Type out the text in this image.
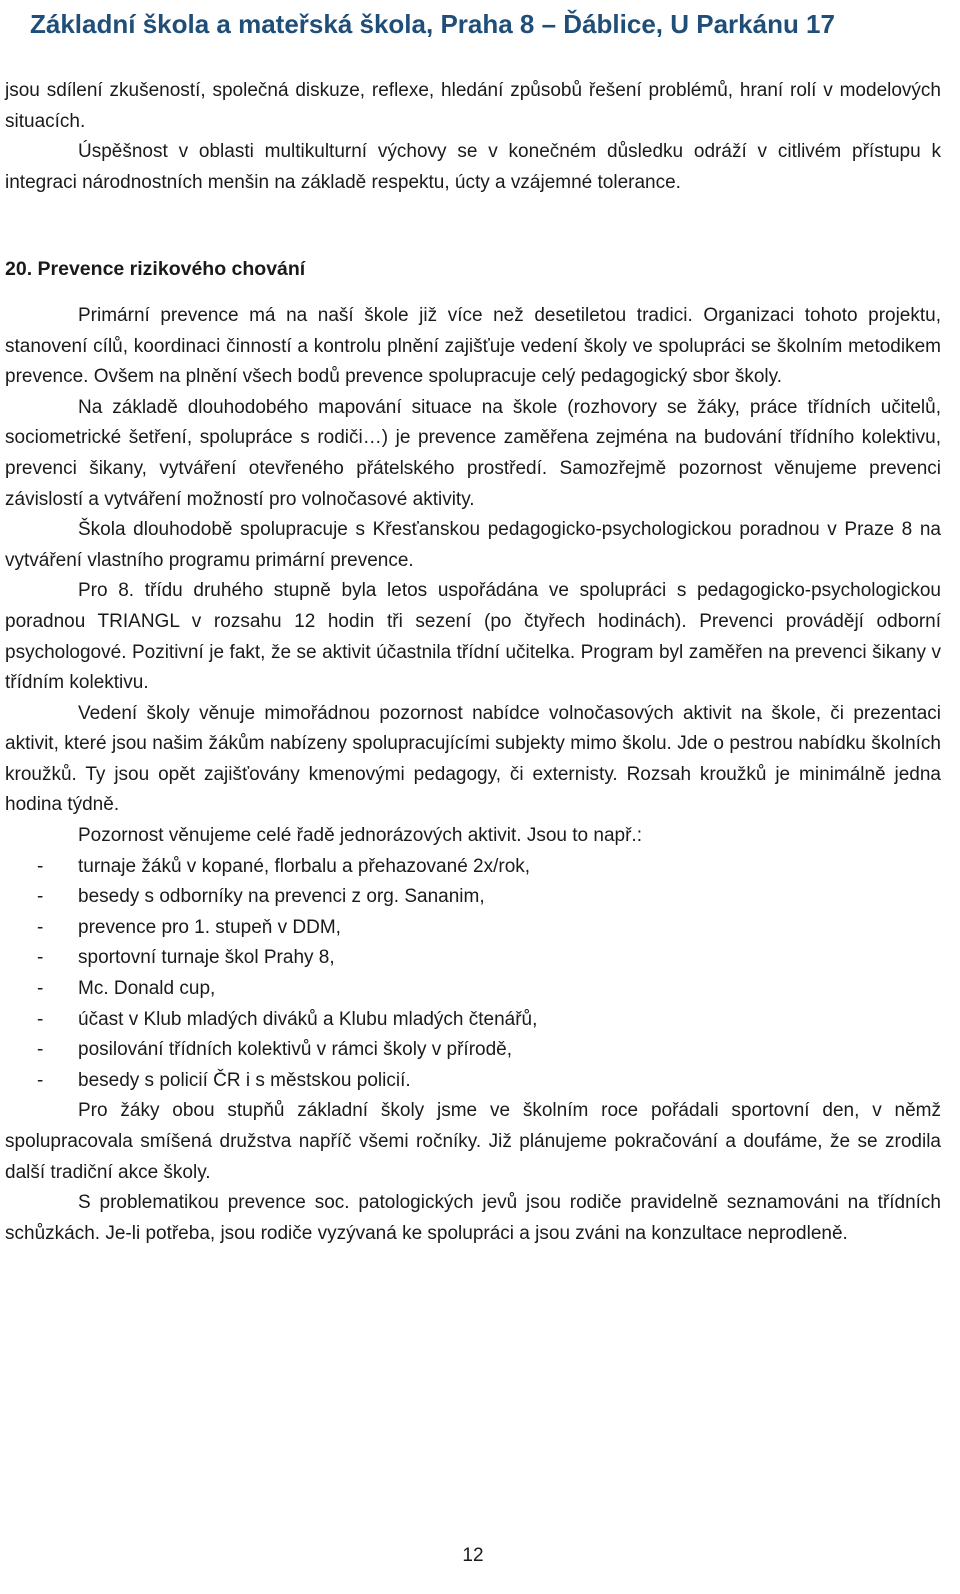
Základní škola a mateřská škola, Praha 8 – Ďáblice, U Parkánu 17

jsou sdílení zkušeností, společná diskuze, reflexe, hledání způsobů řešení problémů, hraní rolí v modelových situacích.

Úspěšnost v oblasti multikulturní výchovy se v konečném důsledku odráží v citlivém přístupu k integraci národnostních menšin na základě respektu, úcty a vzájemné tolerance.

20. Prevence rizikového chování

Primární prevence má na naší škole již více než desetiletou tradici. Organizaci tohoto projektu, stanovení cílů, koordinaci činností a kontrolu plnění zajišťuje vedení školy ve spolupráci se školním metodikem prevence. Ovšem na plnění všech bodů prevence spolupracuje celý pedagogický sbor školy.

Na základě dlouhodobého mapování situace na škole (rozhovory se žáky, práce třídních učitelů, sociometrické šetření, spolupráce s rodiči…) je prevence zaměřena zejména na budování třídního kolektivu, prevenci šikany, vytváření otevřeného přátelského prostředí. Samozřejmě pozornost věnujeme prevenci závislostí a vytváření možností pro volnočasové aktivity.

Škola dlouhodobě spolupracuje s Křesťanskou pedagogicko-psychologickou poradnou v Praze 8 na vytváření vlastního programu primární prevence.

Pro 8. třídu druhého stupně byla letos uspořádána ve spolupráci s pedagogicko-psychologickou poradnou TRIANGL v rozsahu 12 hodin tři sezení (po čtyřech hodinách). Prevenci provádějí odborní psychologové. Pozitivní je fakt, že se aktivit účastnila třídní učitelka. Program byl zaměřen na prevenci šikany v třídním kolektivu.

Vedení školy věnuje mimořádnou pozornost nabídce volnočasových aktivit na škole, či prezentaci aktivit, které jsou našim žákům nabízeny spolupracujícími subjekty mimo školu. Jde o pestrou nabídku školních kroužků. Ty jsou opět zajišťovány kmenovými pedagogy, či externisty. Rozsah kroužků je minimálně jedna hodina týdně.

Pozornost věnujeme celé řadě jednorázových aktivit. Jsou to např.:

- turnaje žáků v kopané, florbalu a přehazované 2x/rok,
- besedy s odborníky na prevenci z org. Sananim,
- prevence pro 1. stupeň v DDM,
- sportovní turnaje škol Prahy 8,
- Mc. Donald cup,
- účast v Klub mladých diváků a Klubu mladých čtenářů,
- posilování třídních kolektivů v rámci školy v přírodě,
- besedy s policií ČR i s městskou policií.

Pro žáky obou stupňů základní školy jsme ve školním roce pořádali sportovní den, v němž spolupracovala smíšená družstva napříč všemi ročníky. Již plánujeme pokračování a doufáme, že se zrodila další tradiční akce školy.

S problematikou prevence soc. patologických jevů jsou rodiče pravidelně seznamováni na třídních schůzkách. Je-li potřeba, jsou rodiče vyzývaná ke spolupráci a jsou zváni na konzultace neprodleně.

12
